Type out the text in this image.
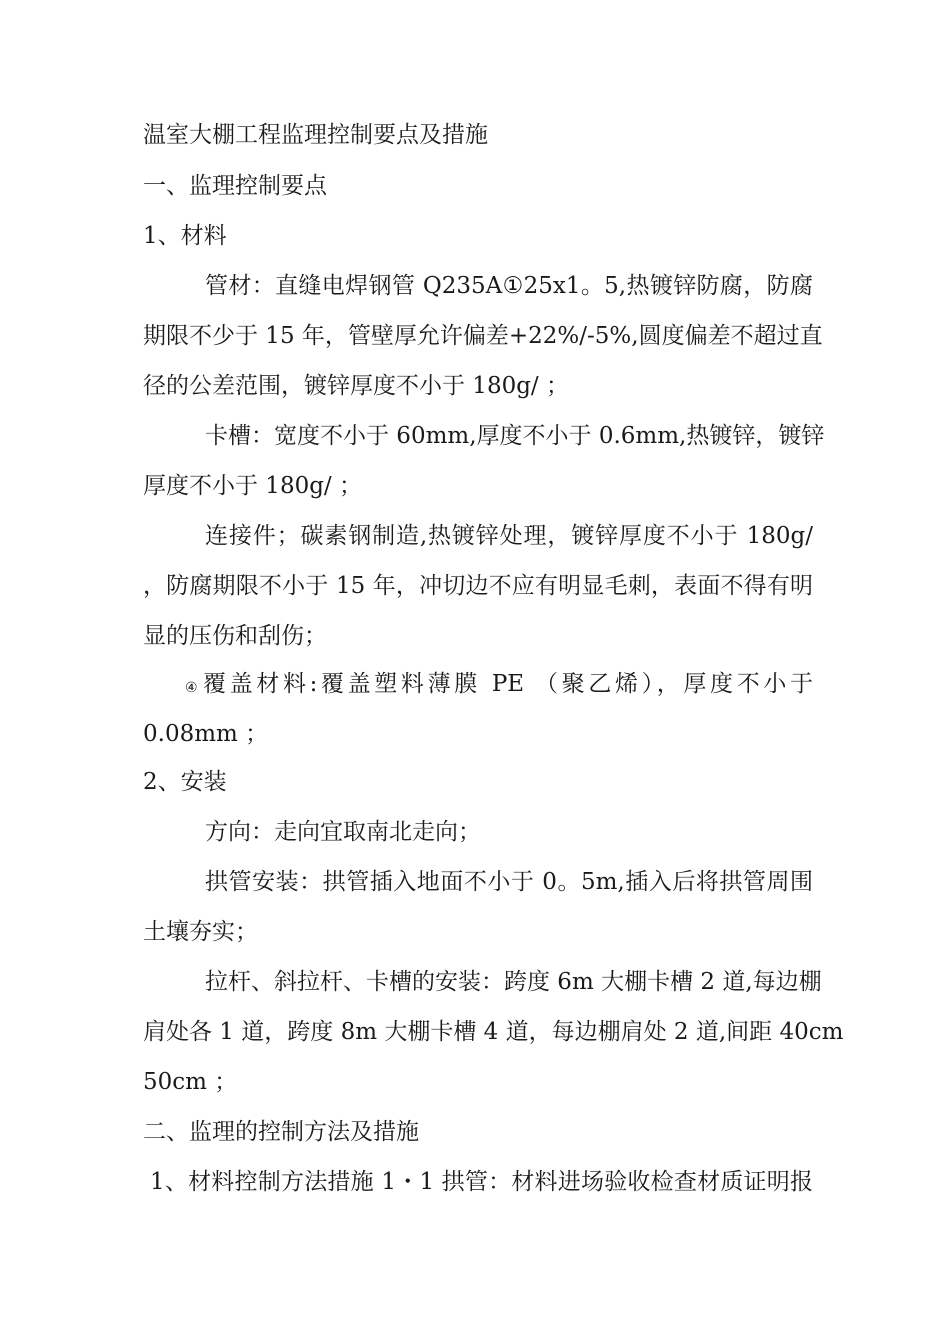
温室大棚工程监理控制要点及措施
一、监理控制要点
1、材料
管材：直缝电焊钢管 Q235A①25x1。5,热镀锌防腐，防腐
期限不少于 15 年，管壁厚允许偏差+22%/-5%,圆度偏差不超过直
径的公差范围，镀锌厚度不小于 180g/ ；
卡槽：宽度不小于 60mm,厚度不小于 0.6mm,热镀锌，镀锌
厚度不小于 180g/ ；
连接件；碳素钢制造,热镀锌处理，镀锌厚度不小于 180g/
，防腐期限不小于 15 年，冲切边不应有明显毛刺，表面不得有明
显的压伤和刮伤；
④ 覆盖材料:覆盖塑料薄膜 PE （聚乙烯），厚度不小于
0.08mm ；
2、安装
方向：走向宜取南北走向；
拱管安装：拱管插入地面不小于 0。5m,插入后将拱管周围
土壤夯实；
拉杆、斜拉杆、卡槽的安装：跨度 6m 大棚卡槽 2 道,每边棚
肩处各 1 道，跨度 8m 大棚卡槽 4 道，每边棚肩处 2 道,间距 40cm
50cm ；
二、监理的控制方法及措施
1、材料控制方法措施 1・1 拱管：材料进场验收检查材质证明报
